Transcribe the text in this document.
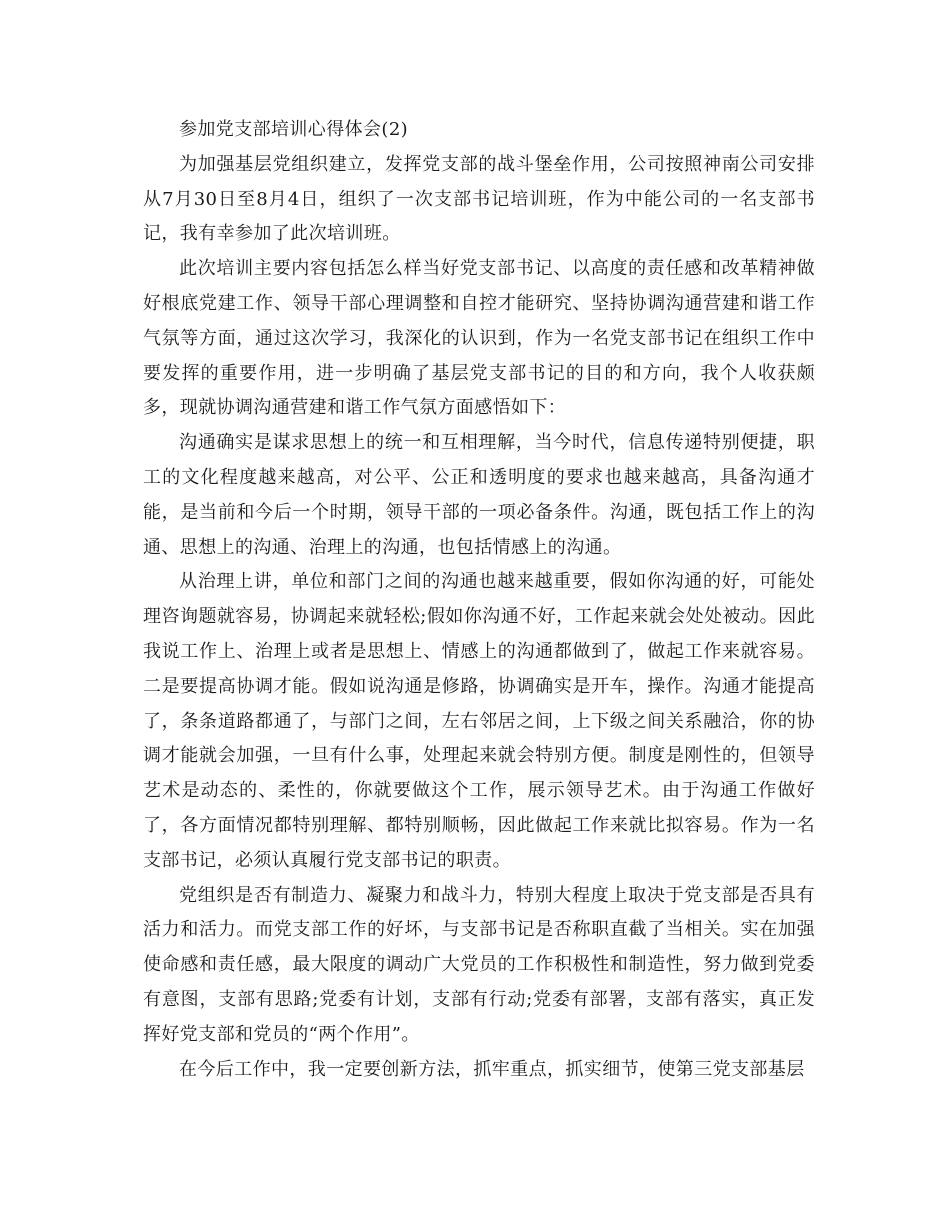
参加党支部培训心得体会(2)

为加强基层党组织建立，发挥党支部的战斗堡垒作用，公司按照神南公司安排从7月30日至8月4日，组织了一次支部书记培训班，作为中能公司的一名支部书记，我有幸参加了此次培训班。

此次培训主要内容包括怎么样当好党支部书记、以高度的责任感和改革精神做好根底党建工作、领导干部心理调整和自控才能研究、坚持协调沟通营建和谐工作气氛等方面，通过这次学习，我深化的认识到，作为一名党支部书记在组织工作中要发挥的重要作用，进一步明确了基层党支部书记的目的和方向，我个人收获颇多，现就协调沟通营建和谐工作气氛方面感悟如下：

沟通确实是谋求思想上的统一和互相理解，当今时代，信息传递特别便捷，职工的文化程度越来越高，对公平、公正和透明度的要求也越来越高，具备沟通才能，是当前和今后一个时期，领导干部的一项必备条件。沟通，既包括工作上的沟通、思想上的沟通、治理上的沟通，也包括情感上的沟通。

从治理上讲，单位和部门之间的沟通也越来越重要，假如你沟通的好，可能处理咨询题就容易，协调起来就轻松;假如你沟通不好，工作起来就会处处被动。因此我说工作上、治理上或者是思想上、情感上的沟通都做到了，做起工作来就容易。二是要提高协调才能。假如说沟通是修路，协调确实是开车，操作。沟通才能提高了，条条道路都通了，与部门之间，左右邻居之间，上下级之间关系融洽，你的协调才能就会加强，一旦有什么事，处理起来就会特别方便。制度是刚性的，但领导艺术是动态的、柔性的，你就要做这个工作，展示领导艺术。由于沟通工作做好了，各方面情况都特别理解、都特别顺畅，因此做起工作来就比拟容易。作为一名支部书记，必须认真履行党支部书记的职责。

党组织是否有制造力、凝聚力和战斗力，特别大程度上取决于党支部是否具有活力和活力。而党支部工作的好坏，与支部书记是否称职直截了当相关。实在加强使命感和责任感，最大限度的调动广大党员的工作积极性和制造性，努力做到党委有意图，支部有思路;党委有计划，支部有行动;党委有部署，支部有落实，真正发挥好党支部和党员的“两个作用”。

在今后工作中，我一定要创新方法，抓牢重点，抓实细节，使第三党支部基层
